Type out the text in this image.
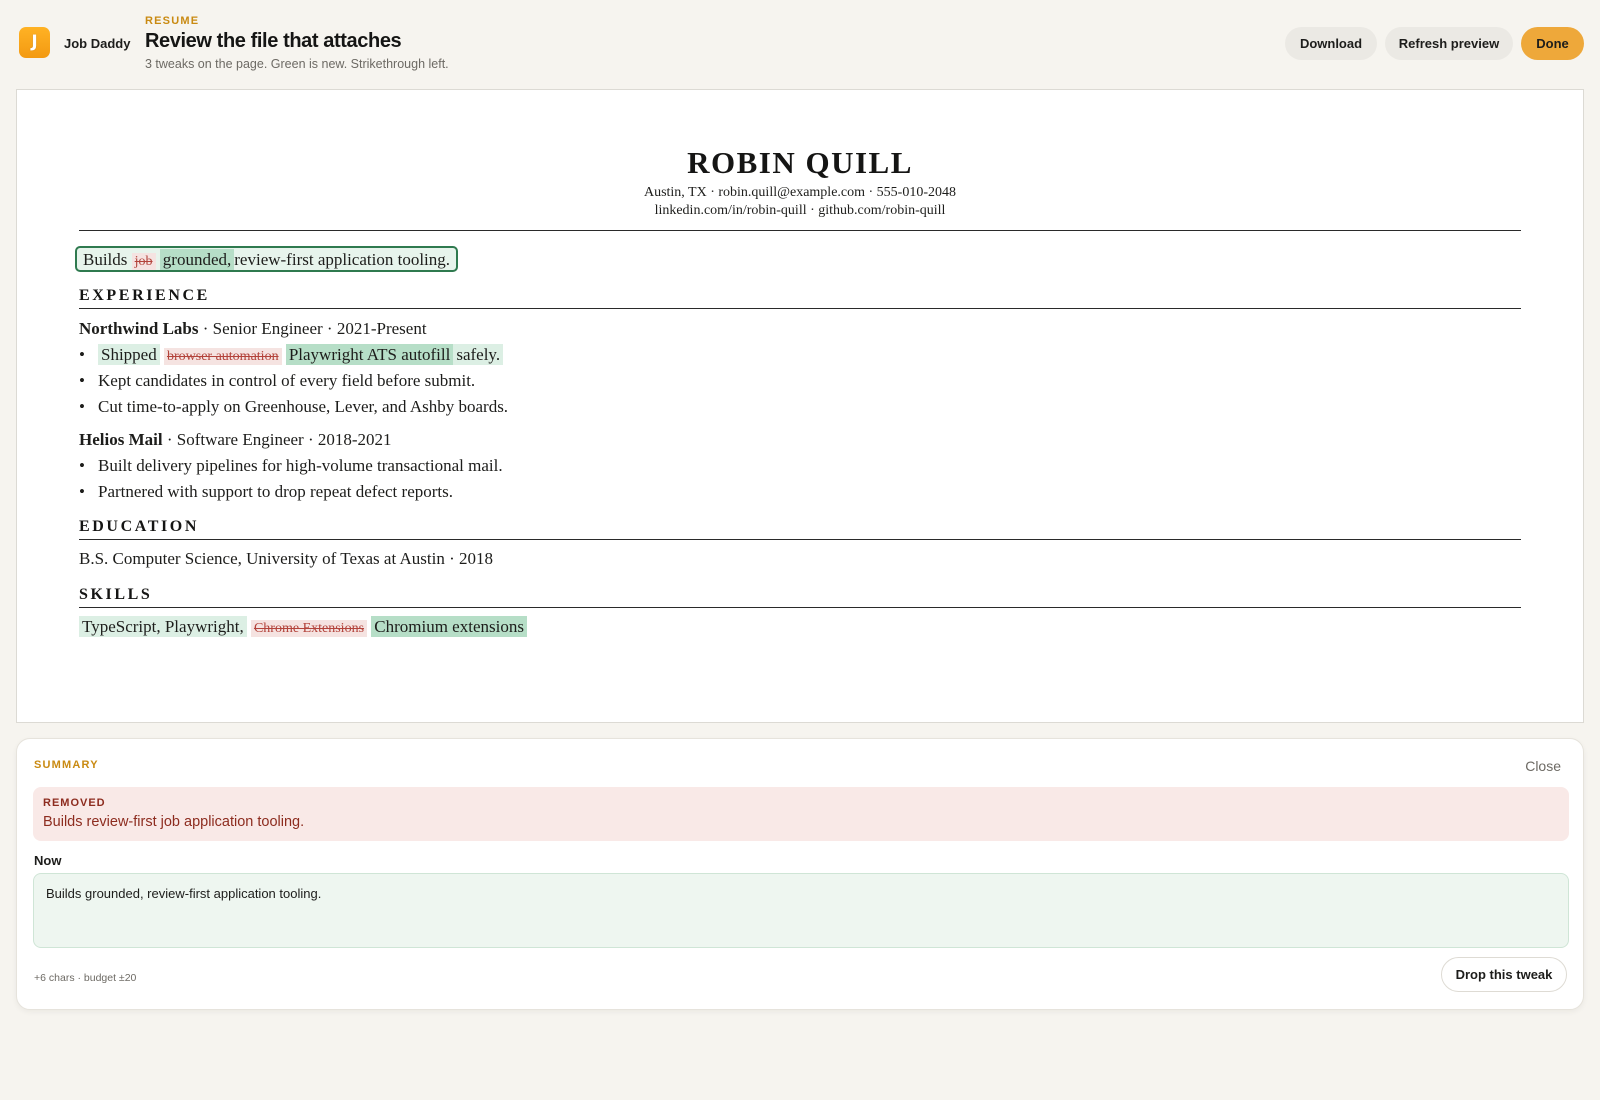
J Job Daddy
RESUME
Review the file that attaches
3 tweaks on the page. Green is new. Strikethrough left.
Download	Refresh preview	Done
ROBIN QUILL
Austin, TX · robin.quill@example.com · 555-010-2048
linkedin.com/in/robin-quill · github.com/robin-quill
Builds job grounded, review-first application tooling.
EXPERIENCE
Northwind Labs · Senior Engineer · 2021-Present
• Shipped browser automation Playwright ATS autofill safely.
• Kept candidates in control of every field before submit.
• Cut time-to-apply on Greenhouse, Lever, and Ashby boards.
Helios Mail · Software Engineer · 2018-2021
• Built delivery pipelines for high-volume transactional mail.
• Partnered with support to drop repeat defect reports.
EDUCATION
B.S. Computer Science, University of Texas at Austin · 2018
SKILLS
TypeScript, Playwright, Chrome Extensions Chromium extensions
SUMMARY	Close
REMOVED
Builds review-first job application tooling.
Now
Builds grounded, review-first application tooling.
+6 chars · budget ±20	Drop this tweak
